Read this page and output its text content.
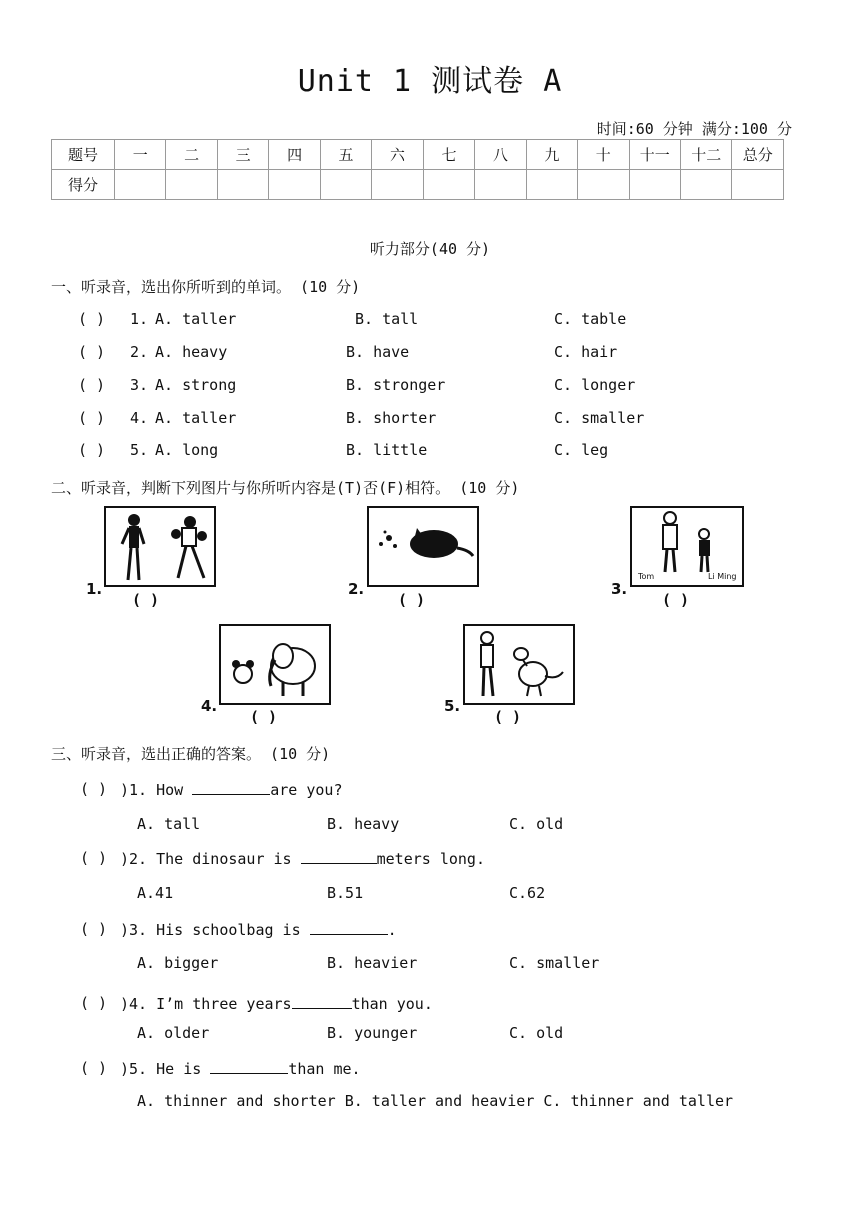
Unit 1 测试卷 A
时间:60 分钟 满分:100 分
题号	一	二	三	四	五	六	七	八	九	十	十一	十二	总分
得分													
听力部分(40 分)
一、听录音，选出你所听到的单词。 (10 分)
( ) 1. A. taller	B. tall	C. table
( ) 2. A. heavy	B. have	C. hair
( ) 3. A. strong	B. stronger	C. longer
( ) 4. A. taller	B. shorter	C. smaller
( ) 5. A. long	B. little	C. leg
二、听录音，判断下列图片与你所听内容是(T)否(F)相符。 (10 分)
1.
( )
2.
( )
Tom	Li Ming
3.
( )
4.
( )
5.
( )
三、听录音，选出正确的答案。 (10 分)
( ) )1. How	are you?
A. tall	B. heavy	C. old
( ) )2. The dinosaur is	meters long.
A.41	B.51	C.62
( ) )3. His schoolbag is	.
A. bigger	B. heavier	C. smaller
( ) )4. I’m three years	than you.
A. older	B. younger	C. old
( ) )5. He is	than me.
A. thinner and shorter B. taller and heavier C. thinner and taller
